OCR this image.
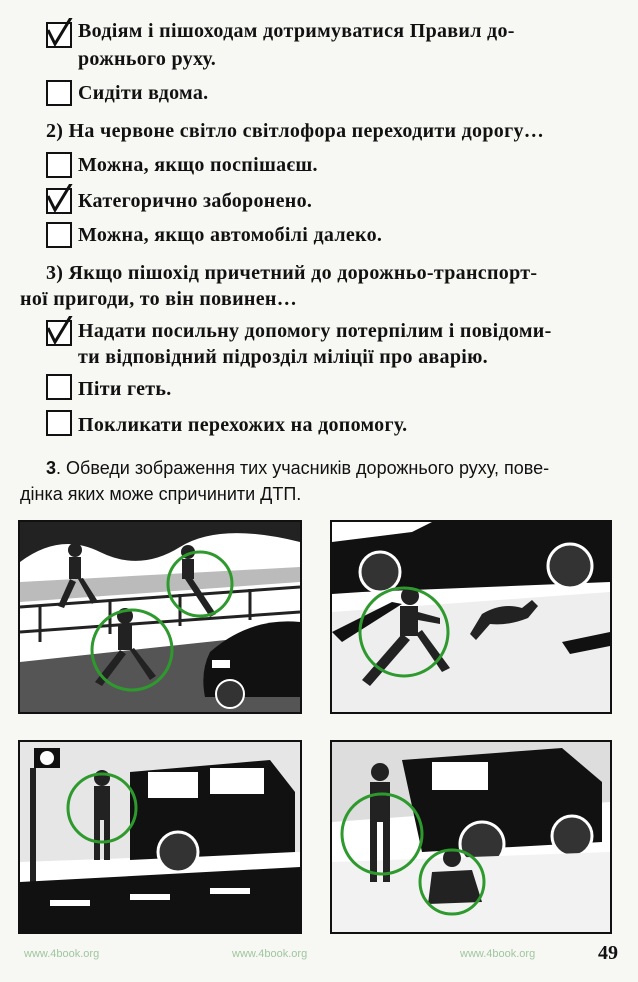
Водіям і пішоходам дотримуватися Правил до-
рожнього руху.
Сидіти вдома.
2) На червоне світло світлофора переходити дорогу…
Можна, якщо поспішаєш.
Категорично заборонено.
Можна, якщо автомобілі далеко.
3) Якщо пішохід причетний до дорожньо-транспорт-
ної пригоди, то він повинен…
Надати посильну допомогу потерпілим і повідоми-
ти відповідний підрозділ міліції про аварію.
Піти геть.
Покликати перехожих на допомогу.
3. Обведи зображення тих учасників дорожнього руху, пове-
дінка яких може спричинити ДТП.
www.4book.org	www.4book.org	www.4book.org	49
